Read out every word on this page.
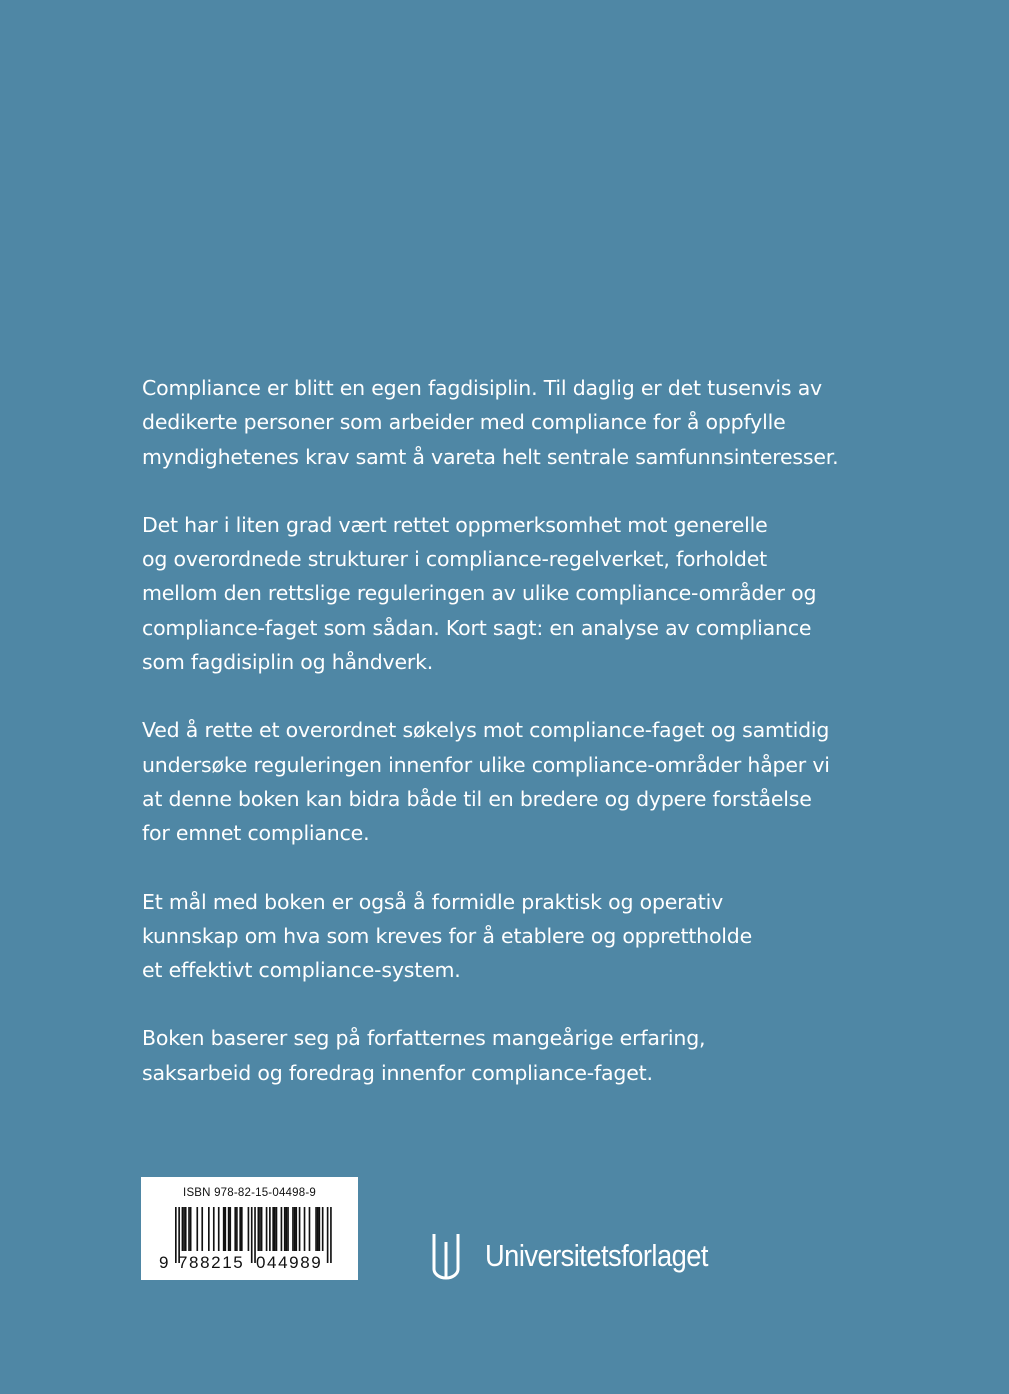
Compliance er blitt en egen fagdisiplin. Til daglig er det tusenvis av
dedikerte personer som arbeider med compliance for å oppfylle
myndighetenes krav samt å vareta helt sentrale samfunnsinteresser.

Det har i liten grad vært rettet oppmerksomhet mot generelle
og overordnede strukturer i compliance-regelverket, forholdet
mellom den rettslige reguleringen av ulike compliance-områder og
compliance-faget som sådan. Kort sagt: en analyse av compliance
som fagdisiplin og håndverk.

Ved å rette et overordnet søkelys mot compliance-faget og samtidig
undersøke reguleringen innenfor ulike compliance-områder håper vi
at denne boken kan bidra både til en bredere og dypere forståelse
for emnet compliance.

Et mål med boken er også å formidle praktisk og operativ
kunnskap om hva som kreves for å etablere og opprettholde
et effektivt compliance-system.

Boken baserer seg på forfatternes mangeårige erfaring,
saksarbeid og foredrag innenfor compliance-faget.

ISBN 978-82-15-04498-9
9 788215 044989	Universitetsforlaget
